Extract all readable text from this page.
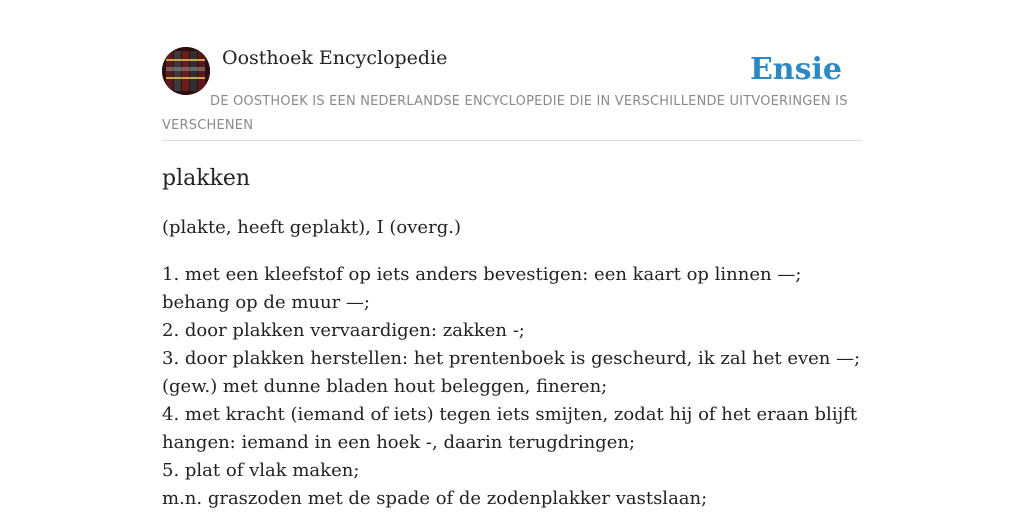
Oosthoek Encyclopedie	Ensie
DE OOSTHOEK IS EEN NEDERLANDSE ENCYCLOPEDIE DIE IN VERSCHILLENDE UITVOERINGEN IS VERSCHENEN
plakken

(plakte, heeft geplakt), I (overg.)

1. met een kleefstof op iets anders bevestigen: een kaart op linnen —; behang op de muur —;
2. door plakken vervaardigen: zakken -;
3. door plakken herstellen: het prentenboek is gescheurd, ik zal het even —; (gew.) met dunne bladen hout beleggen, fineren;
4. met kracht (iemand of iets) tegen iets smijten, zodat hij of het eraan blijft hangen: iemand in een hoek -, daarin terugdringen;
5. plat of vlak maken;
m.n. graszoden met de spade of de zodenplakker vastslaan;
